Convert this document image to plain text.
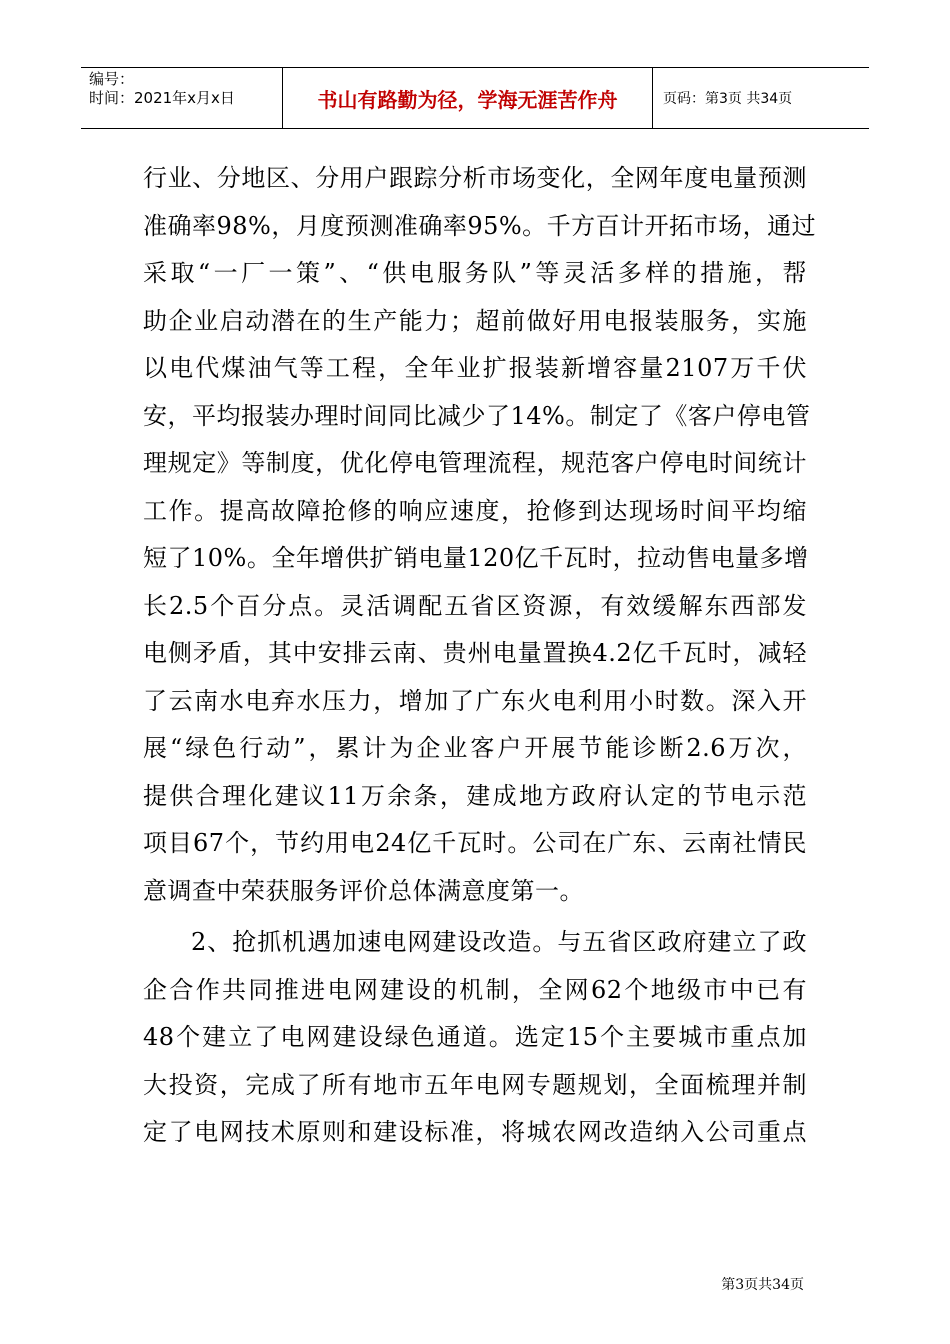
编号：
时间：2021年x月x日	书山有路勤为径，学海无涯苦作舟	页码：第3页 共34页
行业、分地区、分用户跟踪分析市场变化，全网年度电量预测
准确率98%，月度预测准确率95%。千方百计开拓市场，通过
采取“一厂一策”、“供电服务队”等灵活多样的措施，帮
助企业启动潜在的生产能力；超前做好用电报装服务，实施
以电代煤油气等工程，全年业扩报装新增容量2107万千伏
安，平均报装办理时间同比减少了14%。制定了《客户停电管
理规定》等制度，优化停电管理流程，规范客户停电时间统计
工作。提高故障抢修的响应速度，抢修到达现场时间平均缩
短了10%。全年增供扩销电量120亿千瓦时，拉动售电量多增
长2.5个百分点。灵活调配五省区资源，有效缓解东西部发
电侧矛盾，其中安排云南、贵州电量置换4.2亿千瓦时，减轻
了云南水电弃水压力，增加了广东火电利用小时数。深入开
展“绿色行动”，累计为企业客户开展节能诊断2.6万次，
提供合理化建议11万余条，建成地方政府认定的节电示范
项目67个，节约用电24亿千瓦时。公司在广东、云南社情民
意调查中荣获服务评价总体满意度第一。
2、抢抓机遇加速电网建设改造。与五省区政府建立了政
企合作共同推进电网建设的机制，全网62个地级市中已有
48个建立了电网建设绿色通道。选定15个主要城市重点加
大投资，完成了所有地市五年电网专题规划，全面梳理并制
定了电网技术原则和建设标准，将城农网改造纳入公司重点
第3页共34页
